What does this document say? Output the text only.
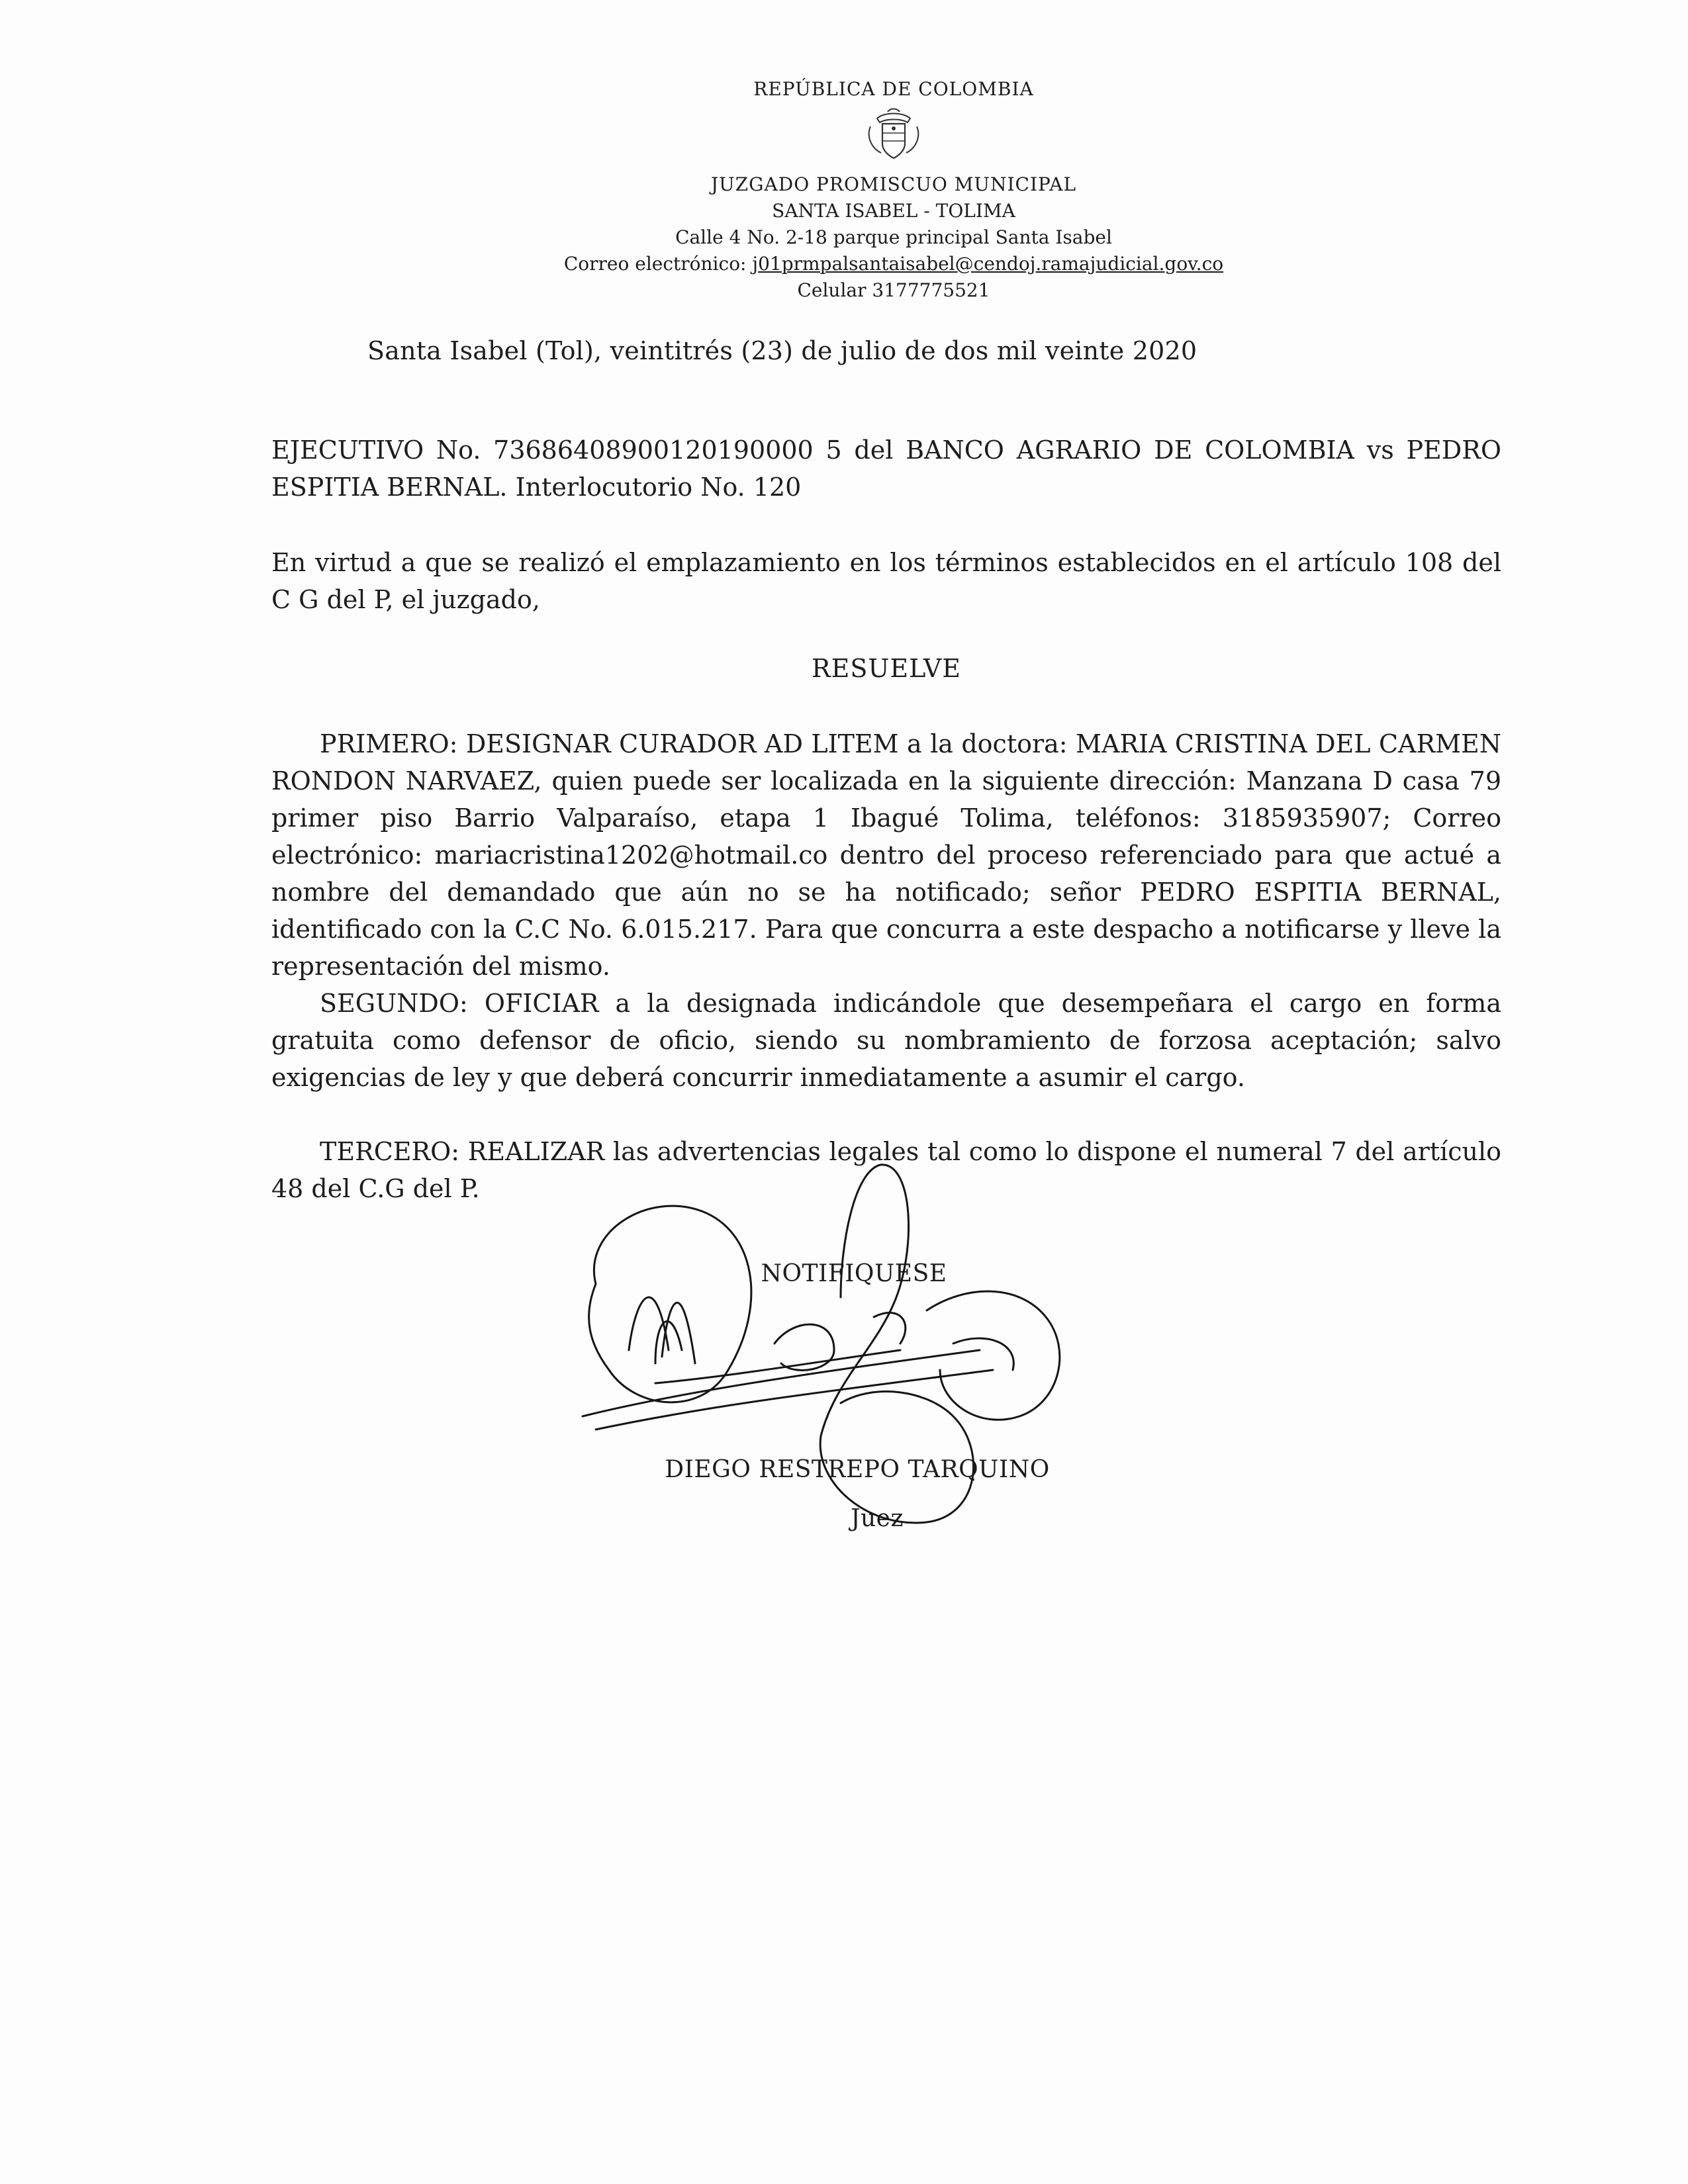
REPÚBLICA DE COLOMBIA
JUZGADO PROMISCUO MUNICIPAL
SANTA ISABEL - TOLIMA
Calle 4 No. 2-18 parque principal Santa Isabel
Correo electrónico: j01prmpalsantaisabel@cendoj.ramajudicial.gov.co
Celular 3177775521
Santa Isabel (Tol), veintitrés (23) de julio de dos mil veinte 2020

EJECUTIVO No. 73686408900120190000 5 del BANCO AGRARIO DE COLOMBIA vs PEDRO ESPITIA BERNAL. Interlocutorio No. 120

En virtud a que se realizó el emplazamiento en los términos establecidos en el artículo 108 del C G del P, el juzgado,

RESUELVE

PRIMERO: DESIGNAR CURADOR AD LITEM a la doctora: MARIA CRISTINA DEL CARMEN RONDON NARVAEZ, quien puede ser localizada en la siguiente dirección: Manzana D casa 79 primer piso Barrio Valparaíso, etapa 1 Ibagué Tolima, teléfonos: 3185935907; Correo electrónico: mariacristina1202@hotmail.co dentro del proceso referenciado para que actué a nombre del demandado que aún no se ha notificado; señor PEDRO ESPITIA BERNAL, identificado con la C.C No. 6.015.217. Para que concurra a este despacho a notificarse y lleve la representación del mismo.

SEGUNDO: OFICIAR a la designada indicándole que desempeñara el cargo en forma gratuita como defensor de oficio, siendo su nombramiento de forzosa aceptación; salvo exigencias de ley y que deberá concurrir inmediatamente a asumir el cargo.

TERCERO: REALIZAR las advertencias legales tal como lo dispone el numeral 7 del artículo 48 del C.G del P.

NOTIFIQUESE
DIEGO RESTREPO TARQUINO
Juez
